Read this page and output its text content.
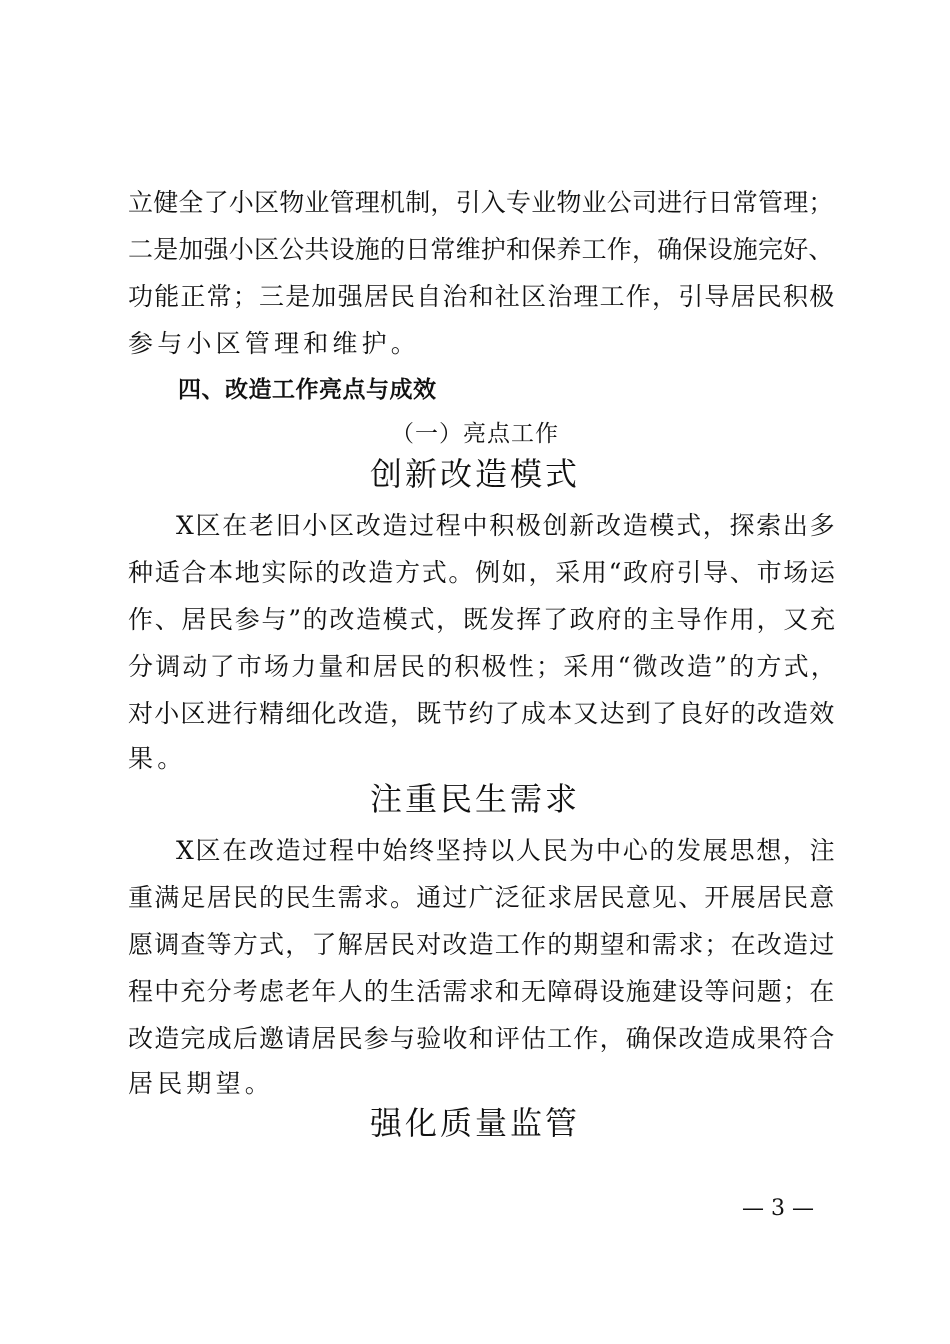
立健全了小区物业管理机制，引入专业物业公司进行日常管理；
二是加强小区公共设施的日常维护和保养工作，确保设施完好、
功能正常；三是加强居民自治和社区治理工作，引导居民积极
参与小区管理和维护。
四、改造工作亮点与成效
（一）亮点工作
创新改造模式
X区在老旧小区改造过程中积极创新改造模式，探索出多
种适合本地实际的改造方式。例如，采用“政府引导、市场运
作、居民参与”的改造模式，既发挥了政府的主导作用，又充
分调动了市场力量和居民的积极性；采用“微改造”的方式，
对小区进行精细化改造，既节约了成本又达到了良好的改造效
果。
注重民生需求
X区在改造过程中始终坚持以人民为中心的发展思想，注
重满足居民的民生需求。通过广泛征求居民意见、开展居民意
愿调查等方式，了解居民对改造工作的期望和需求；在改造过
程中充分考虑老年人的生活需求和无障碍设施建设等问题；在
改造完成后邀请居民参与验收和评估工作，确保改造成果符合
居民期望。
强化质量监管
— 3 —
